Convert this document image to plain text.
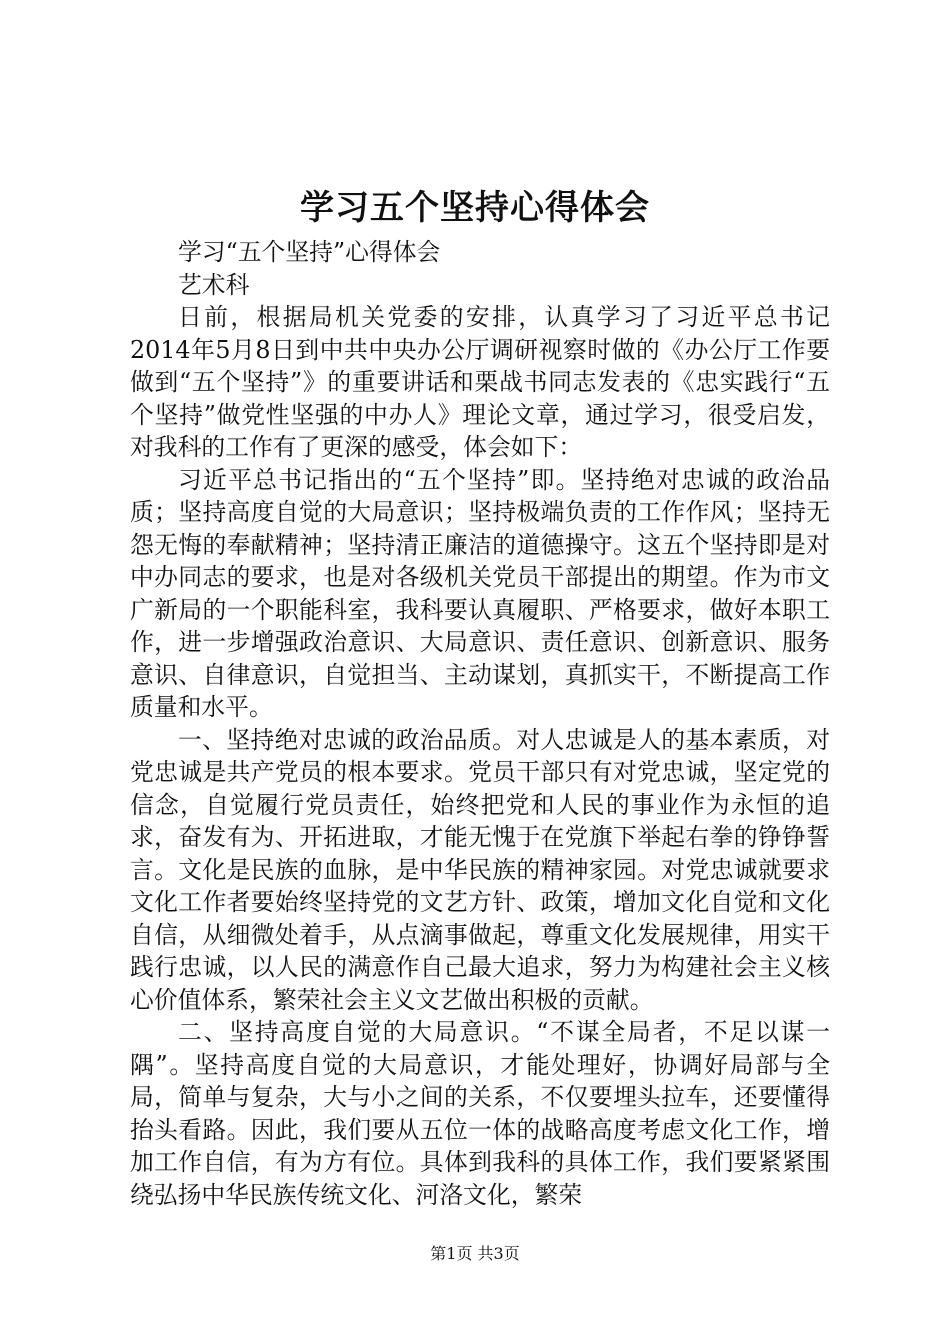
学习五个坚持心得体会

学习“五个坚持”心得体会

艺术科

日前，根据局机关党委的安排，认真学习了习近平总书记2014年5月8日到中共中央办公厅调研视察时做的《办公厅工作要做到“五个坚持”》的重要讲话和栗战书同志发表的《忠实践行“五个坚持”做党性坚强的中办人》理论文章，通过学习，很受启发，对我科的工作有了更深的感受，体会如下：

习近平总书记指出的“五个坚持”即。坚持绝对忠诚的政治品质；坚持高度自觉的大局意识；坚持极端负责的工作作风；坚持无怨无悔的奉献精神；坚持清正廉洁的道德操守。这五个坚持即是对中办同志的要求，也是对各级机关党员干部提出的期望。作为市文广新局的一个职能科室，我科要认真履职、严格要求，做好本职工作，进一步增强政治意识、大局意识、责任意识、创新意识、服务意识、自律意识，自觉担当、主动谋划，真抓实干，不断提高工作质量和水平。

一、坚持绝对忠诚的政治品质。对人忠诚是人的基本素质，对党忠诚是共产党员的根本要求。党员干部只有对党忠诚，坚定党的信念，自觉履行党员责任，始终把党和人民的事业作为永恒的追求，奋发有为、开拓进取，才能无愧于在党旗下举起右拳的铮铮誓言。文化是民族的血脉，是中华民族的精神家园。对党忠诚就要求文化工作者要始终坚持党的文艺方针、政策，增加文化自觉和文化自信，从细微处着手，从点滴事做起，尊重文化发展规律，用实干践行忠诚，以人民的满意作自己最大追求，努力为构建社会主义核心价值体系，繁荣社会主义文艺做出积极的贡献。

二、坚持高度自觉的大局意识。“不谋全局者，不足以谋一隅”。坚持高度自觉的大局意识，才能处理好，协调好局部与全局，简单与复杂，大与小之间的关系，不仅要埋头拉车，还要懂得抬头看路。因此，我们要从五位一体的战略高度考虑文化工作，增加工作自信，有为方有位。具体到我科的具体工作，我们要紧紧围绕弘扬中华民族传统文化、河洛文化，繁荣

第1页 共3页
